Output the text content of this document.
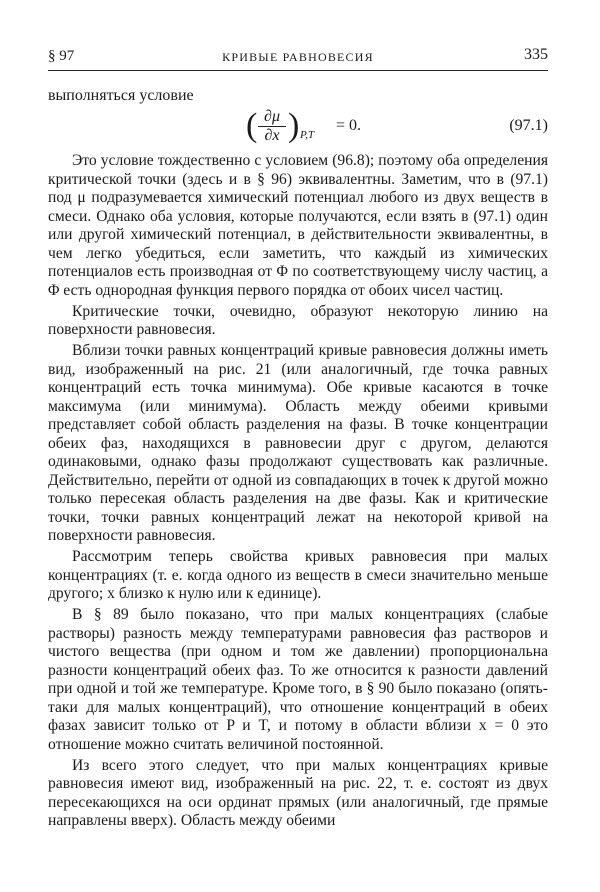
§ 97	КРИВЫЕ РАВНОВЕСИЯ	335
выполняться условие
( ∂μ
∂x ) P,T
= 0.	(97.1)

Это условие тождественно с условием (96.8); поэтому оба определения критической точки (здесь и в § 96) эквивалентны. Заметим, что в (97.1) под μ подразумевается химический потенциал любого из двух веществ в смеси. Однако оба условия, которые получаются, если взять в (97.1) один или другой химический потенциал, в действительности эквивалентны, в чем легко убедиться, если заметить, что каждый из химических потенциалов есть производная от Φ по соответствующему числу частиц, а Φ есть однородная функция первого порядка от обоих чисел частиц.

Критические точки, очевидно, образуют некоторую линию на поверхности равновесия.

Вблизи точки равных концентраций кривые равновесия должны иметь вид, изображенный на рис. 21 (или аналогичный, где точка равных концентраций есть точка минимума). Обе кривые касаются в точке максимума (или минимума). Область между обеими кривыми представляет собой область разделения на фазы. В точке концентрации обеих фаз, находящихся в равновесии друг с другом, делаются одинаковыми, однако фазы продолжают существовать как различные. Действительно, перейти от одной из совпадающих в точек к другой можно только пересекая область разделения на две фазы. Как и критические точки, точки равных концентраций лежат на некоторой кривой на поверхности равновесия.

Рассмотрим теперь свойства кривых равновесия при малых концентрациях (т. е. когда одного из веществ в смеси значительно меньше другого; x близко к нулю или к единице).

В § 89 было показано, что при малых концентрациях (слабые растворы) разность между температурами равновесия фаз растворов и чистого вещества (при одном и том же давлении) пропорциональна разности концентраций обеих фаз. То же относится к разности давлений при одной и той же температуре. Кроме того, в § 90 было показано (опять-таки для малых концентраций), что отношение концентраций в обеих фазах зависит только от P и T, и потому в области вблизи x = 0 это отношение можно считать величиной постоянной.

Из всего этого следует, что при малых концентрациях кривые равновесия имеют вид, изображенный на рис. 22, т. е. состоят из двух пересекающихся на оси ординат прямых (или аналогичный, где прямые направлены вверх). Область между обеими
